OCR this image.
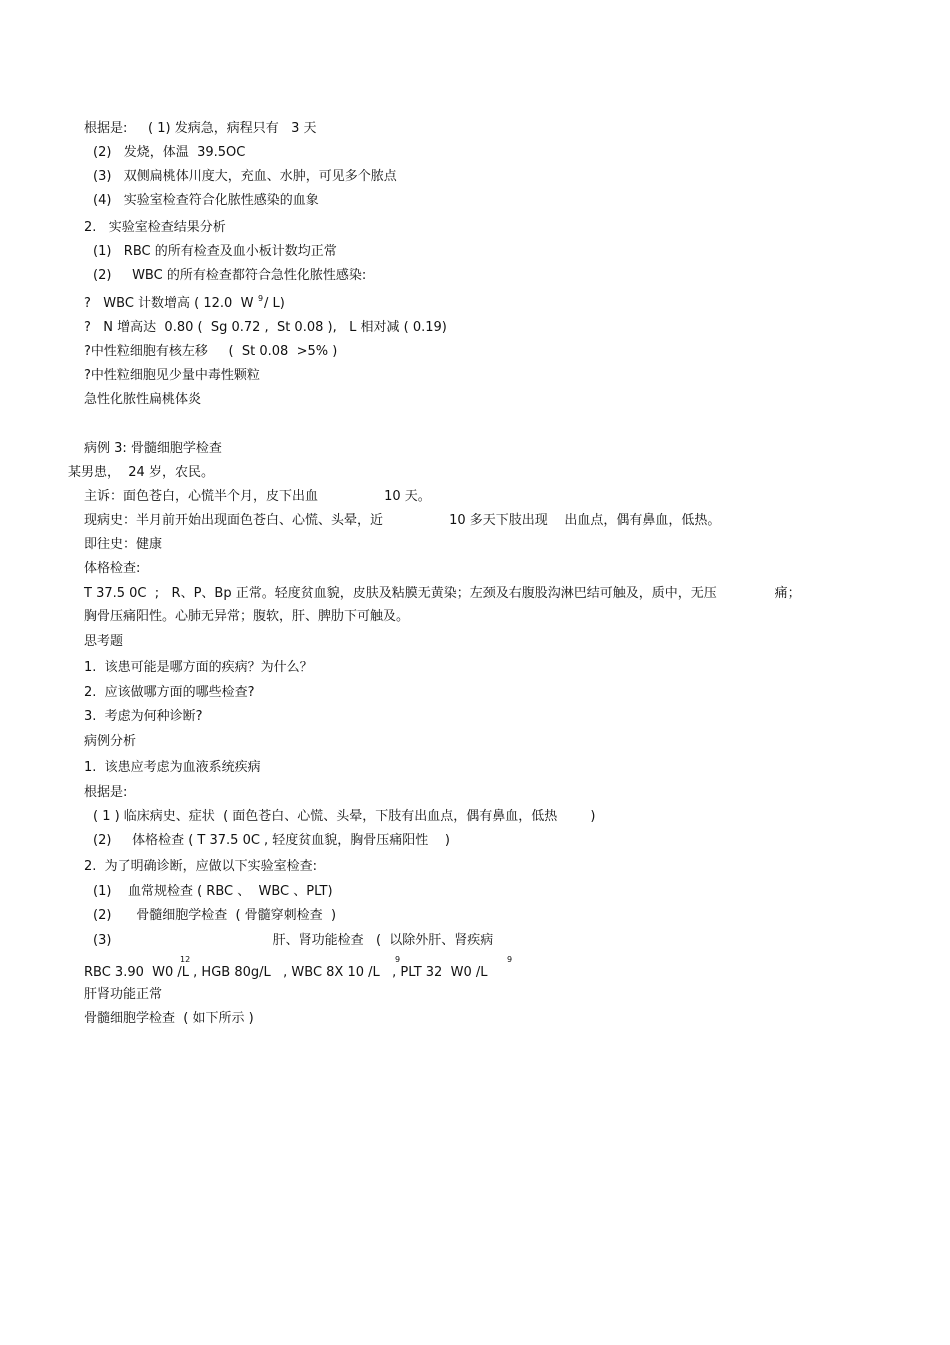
根据是:     ( 1) 发病急，病程只有   3 天
(2)   发烧，体温  39.5OC
(3)   双侧扁桃体川度大，充血、水肿，可见多个脓点
(4)   实验室检查符合化脓性感染的血象
2.   实验室检查结果分析
(1)   RBC 的所有检查及血小板计数均正常
(2)     WBC 的所有检查都符合急性化脓性感染:
?   WBC 计数增高 ( 12.0  W 9 / L)
?   N 增高达  0.80 (  Sg 0.72 ,  St 0.08 ),   L 相对减 ( 0.19)
?中性粒细胞有核左移     (  St 0.08  >5% )
?中性粒细胞见少量中毒性颗粒
急性化脓性扁桃体炎
病例 3: 骨髓细胞学检查
某男患，  24 岁，农民。
主诉：面色苍白，心慌半个月，皮下出血                10 天。
现病史：半月前开始出现面色苍白、心慌、头晕，近                10 多天下肢出现    出血点，偶有鼻血，低热。
即往史：健康
体格检查:
T 37.5 0C  ;   R、P、Bp 正常。轻度贫血貌，皮肤及粘膜无黄染；左颈及右腹股沟淋巴结可触及，质中，无压              痛；
胸骨压痛阳性。心肺无异常；腹软，肝、脾肋下可触及。
思考题
1.  该患可能是哪方面的疾病？为什么？
2.  应该做哪方面的哪些检查?
3.  考虑为何种诊断?
病例分析
1.  该患应考虑为血液系统疾病
根据是:
( 1 ) 临床病史、症状  ( 面色苍白、心慌、头晕，下肢有出血点，偶有鼻血，低热        )
(2)     体格检查 ( T 37.5 0C , 轻度贫血貌，胸骨压痛阳性    )
2.  为了明确诊断，应做以下实验室检查:
(1)    血常规检查 ( RBC 、  WBC 、PLT)
(2)      骨髓细胞学检查  ( 骨髓穿刺检查  )
(3)                                       肝、肾功能检查   (  以除外肝、肾疾病
12	9	9
RBC 3.90  W0 /L , HGB 80g/L   , WBC 8X 10 /L   , PLT 32  W0 /L
肝肾功能正常
骨髓细胞学检查  ( 如下所示 )
